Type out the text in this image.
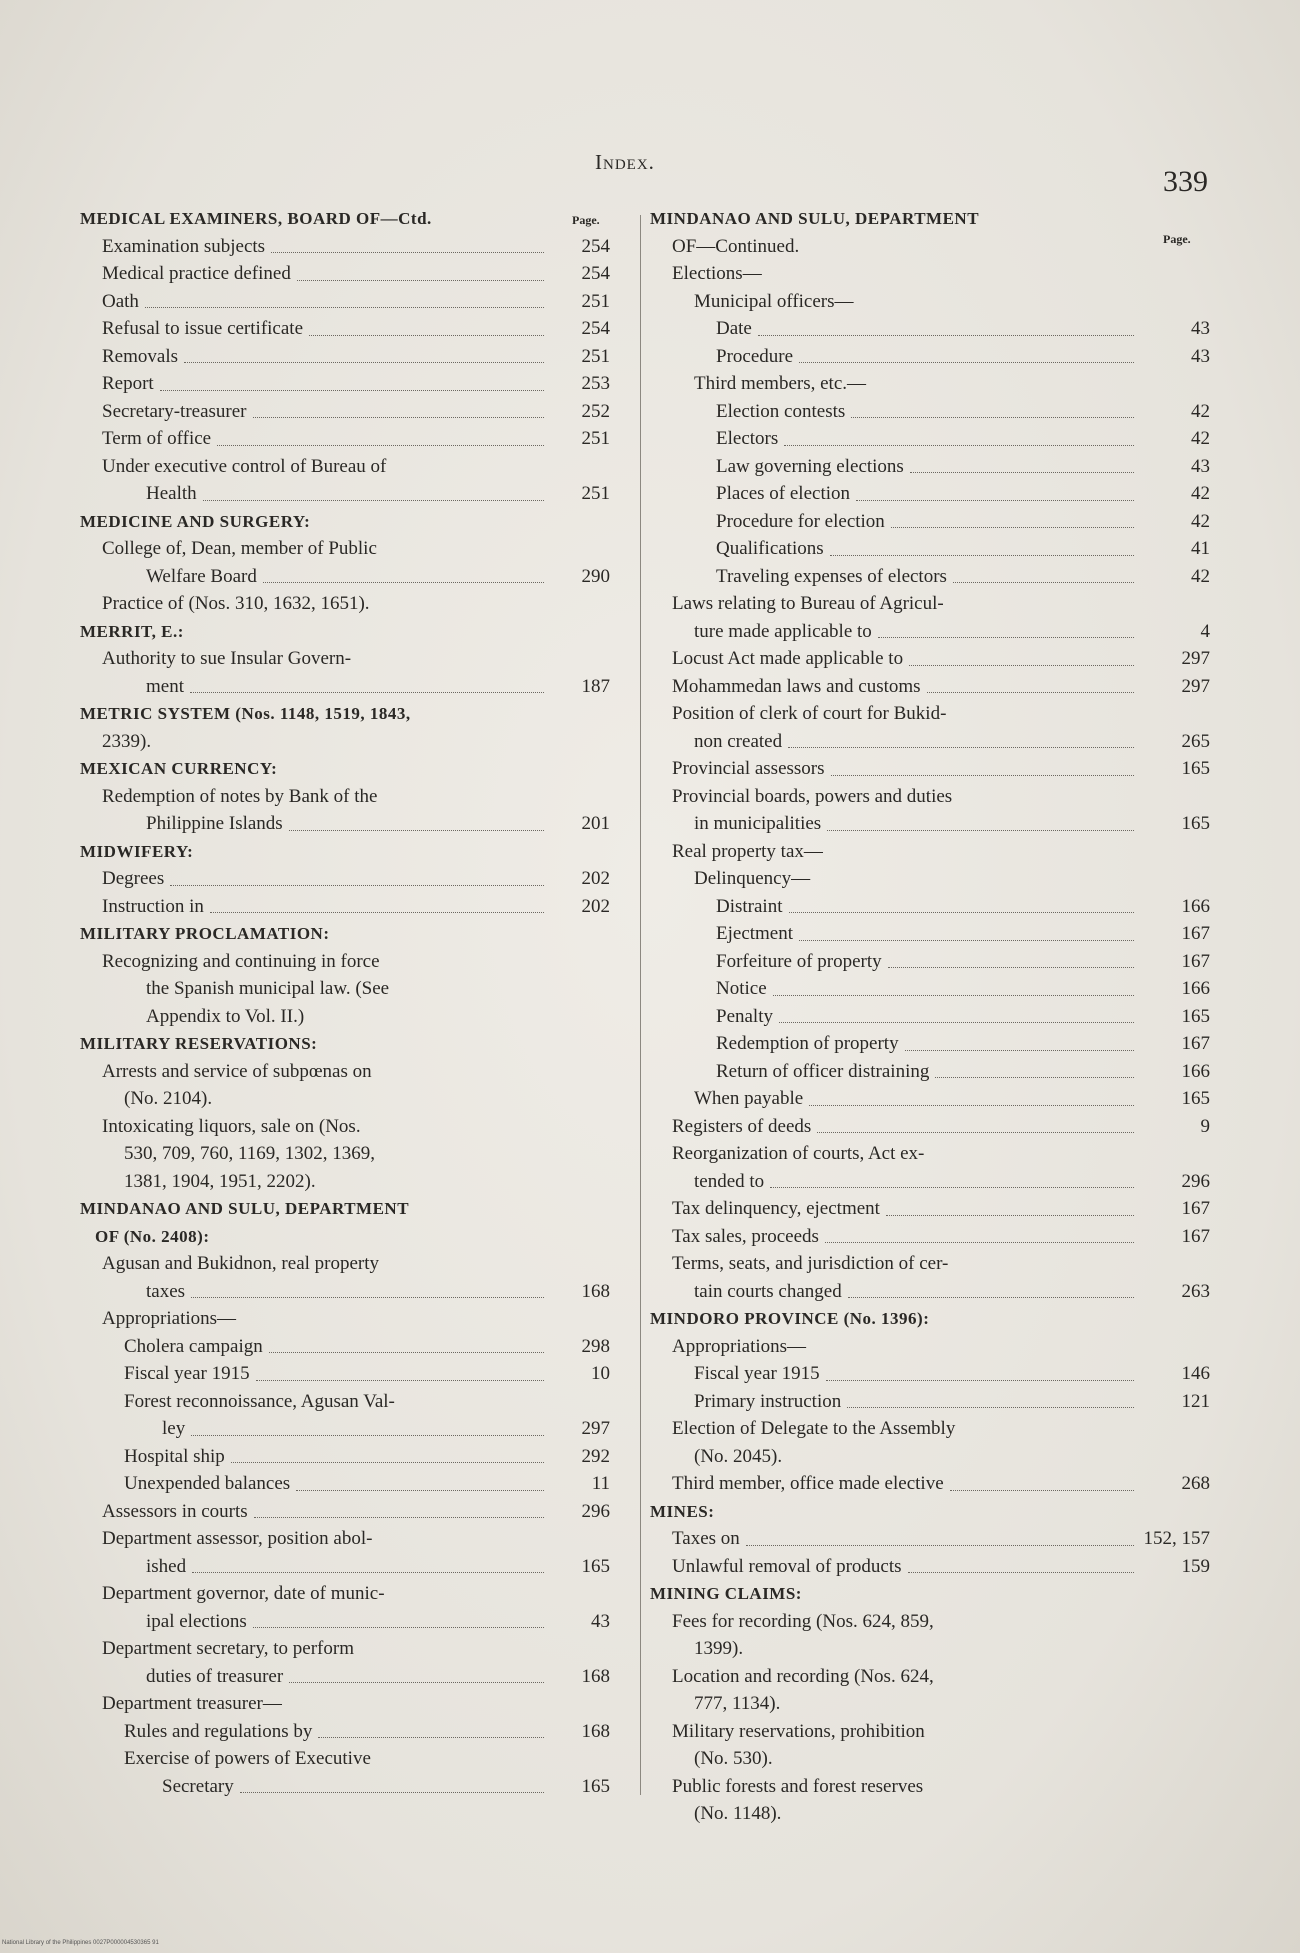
Index.
339
Page.
Page.
MEDICAL EXAMINERS, BOARD OF—Ctd.
Examination subjects	254
Medical practice defined	254
Oath	251
Refusal to issue certificate	254
Removals	251
Report	253
Secretary-treasurer	252
Term of office	251
Under executive control of Bureau of
Health	251
MEDICINE AND SURGERY:
College of, Dean, member of Public
Welfare Board	290
Practice of (Nos. 310, 1632, 1651).
MERRIT, E.:
Authority to sue Insular Govern-
ment	187
METRIC SYSTEM (Nos. 1148, 1519, 1843,
2339).
MEXICAN CURRENCY:
Redemption of notes by Bank of the
Philippine Islands	201
MIDWIFERY:
Degrees	202
Instruction in	202
MILITARY PROCLAMATION:
Recognizing and continuing in force
the Spanish municipal law. (See
Appendix to Vol. II.)
MILITARY RESERVATIONS:
Arrests and service of subpœnas on
(No. 2104).
Intoxicating liquors, sale on (Nos.
530, 709, 760, 1169, 1302, 1369,
1381, 1904, 1951, 2202).
MINDANAO AND SULU, DEPARTMENT
OF (No. 2408):
Agusan and Bukidnon, real property
taxes	168
Appropriations—
Cholera campaign	298
Fiscal year 1915	10
Forest reconnoissance, Agusan Val-
ley	297
Hospital ship	292
Unexpended balances	11
Assessors in courts	296
Department assessor, position abol-
ished	165
Department governor, date of munic-
ipal elections	43
Department secretary, to perform
duties of treasurer	168
Department treasurer—
Rules and regulations by	168
Exercise of powers of Executive
Secretary	165
MINDANAO AND SULU, DEPARTMENT
OF—Continued.
Elections—
Municipal officers—
Date	43
Procedure	43
Third members, etc.—
Election contests	42
Electors	42
Law governing elections	43
Places of election	42
Procedure for election	42
Qualifications	41
Traveling expenses of electors	42
Laws relating to Bureau of Agricul-
ture made applicable to	4
Locust Act made applicable to	297
Mohammedan laws and customs	297
Position of clerk of court for Bukid-
non created	265
Provincial assessors	165
Provincial boards, powers and duties
in municipalities	165
Real property tax—
Delinquency—
Distraint	166
Ejectment	167
Forfeiture of property	167
Notice	166
Penalty	165
Redemption of property	167
Return of officer distraining	166
When payable	165
Registers of deeds	9
Reorganization of courts, Act ex-
tended to	296
Tax delinquency, ejectment	167
Tax sales, proceeds	167
Terms, seats, and jurisdiction of cer-
tain courts changed	263
MINDORO PROVINCE (No. 1396):
Appropriations—
Fiscal year 1915	146
Primary instruction	121
Election of Delegate to the Assembly
(No. 2045).
Third member, office made elective	268
MINES:
Taxes on	152, 157
Unlawful removal of products	159
MINING CLAIMS:
Fees for recording (Nos. 624, 859,
1399).
Location and recording (Nos. 624,
777, 1134).
Military reservations, prohibition
(No. 530).
Public forests and forest reserves
(No. 1148).
National Library of the Philippines 0027P000004530365 91
